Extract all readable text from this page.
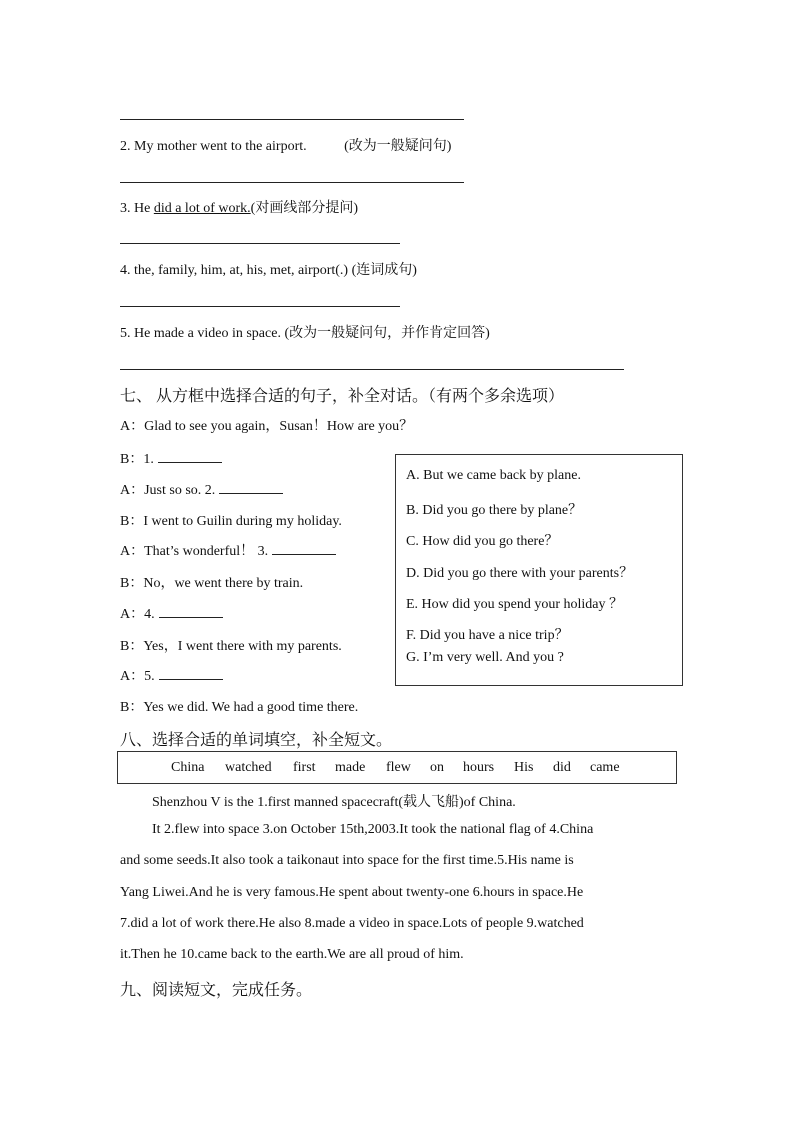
2. My mother went to the airport.	(改为一般疑问句)
3. He did a lot of work.(对画线部分提问)
4. the, family, him, at, his, met, airport(.) (连词成句)
5. He made a video in space. (改为一般疑问句，并作肯定回答)
七、 从方框中选择合适的句子，补全对话。（有两个多余选项）
A：Glad to see you again，Susan！How are you？
B：1.
A：Just so so. 2.
B：I went to Guilin during my holiday.
A：That’s wonderful！ 3.
B：No，we went there by train.
A：4.
B：Yes，I went there with my parents.
A：5.
B：Yes we did. We had a good time there.
A. But we came back by plane.
B. Did you go there by plane？
C. How did you go there？
D. Did you go there with your parents？
E. How did you spend your holiday ？
F. Did you have a nice trip？
G. I’m very well. And you ?
八、选择合适的单词填空，补全短文。
China watched first made flew on hours His did came
Shenzhou V is the 1.first manned spacecraft(载人飞船)of China.
It 2.flew into space 3.on October 15th,2003.It took the national flag of 4.China
and some seeds.It also took a taikonaut into space for the first time.5.His name is
Yang Liwei.And he is very famous.He spent about twenty-one 6.hours in space.He
7.did a lot of work there.He also 8.made a video in space.Lots of people 9.watched
it.Then he 10.came back to the earth.We are all proud of him.
九、阅读短文，完成任务。
